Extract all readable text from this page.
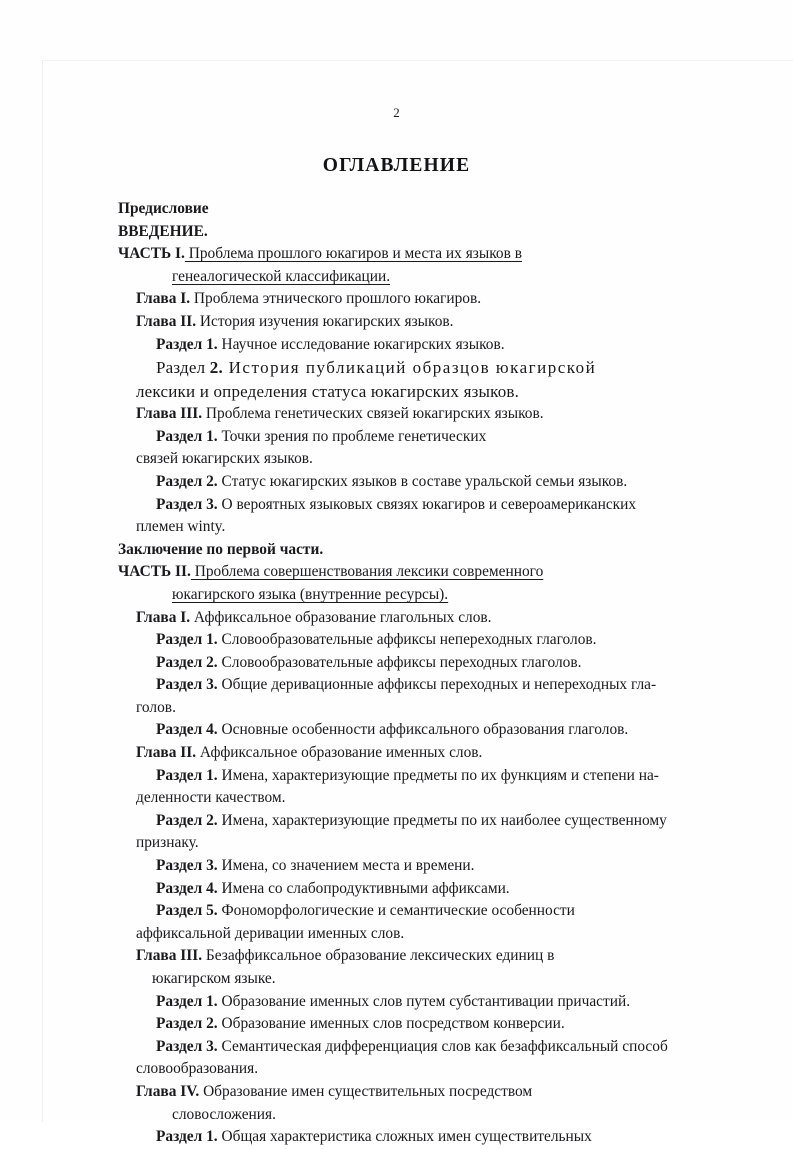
2
ОГЛАВЛЕНИЕ
Предисловие
ВВЕДЕНИЕ.
ЧАСТЬ I. Проблема прошлого юкагиров и места их языков в
генеалогической классификации.
Глава I. Проблема этнического прошлого юкагиров.
Глава II. История изучения юкагирских языков.
Раздел 1. Научное исследование юкагирских языков.
Раздел 2. История публикаций образцов юкагирской
лексики и определения статуса юкагирских языков.
Глава III. Проблема генетических связей юкагирских языков.
Раздел 1. Точки зрения по проблеме генетических
связей юкагирских языков.
Раздел 2. Статус юкагирских языков в составе уральской семьи языков.
Раздел 3. О вероятных языковых связях юкагиров и североамериканских
племен winty.
Заключение по первой части.
ЧАСТЬ II. Проблема совершенствования лексики современного
юкагирского языка (внутренние ресурсы).
Глава I. Аффиксальное образование глагольных слов.
Раздел 1. Словообразовательные аффиксы непереходных глаголов.
Раздел 2. Словообразовательные аффиксы переходных глаголов.
Раздел 3. Общие деривационные аффиксы переходных и непереходных гла-
голов.
Раздел 4. Основные особенности аффиксального образования глаголов.
Глава II. Аффиксальное образование именных слов.
Раздел 1. Имена, характеризующие предметы по их функциям и степени на-
деленности качеством.
Раздел 2. Имена, характеризующие предметы по их наиболее существенному
признаку.
Раздел 3. Имена, со значением места и времени.
Раздел 4. Имена со слабопродуктивными аффиксами.
Раздел 5. Фономорфологические и семантические особенности
аффиксальной деривации именных слов.
Глава III. Безаффиксальное образование лексических единиц в
юкагирском языке.
Раздел 1. Образование именных слов путем субстантивации причастий.
Раздел 2. Образование именных слов посредством конверсии.
Раздел 3. Семантическая дифференциация слов как безаффиксальный способ
словообразования.
Глава IV. Образование имен существительных посредством
словосложения.
Раздел 1. Общая характеристика сложных имен существительных
